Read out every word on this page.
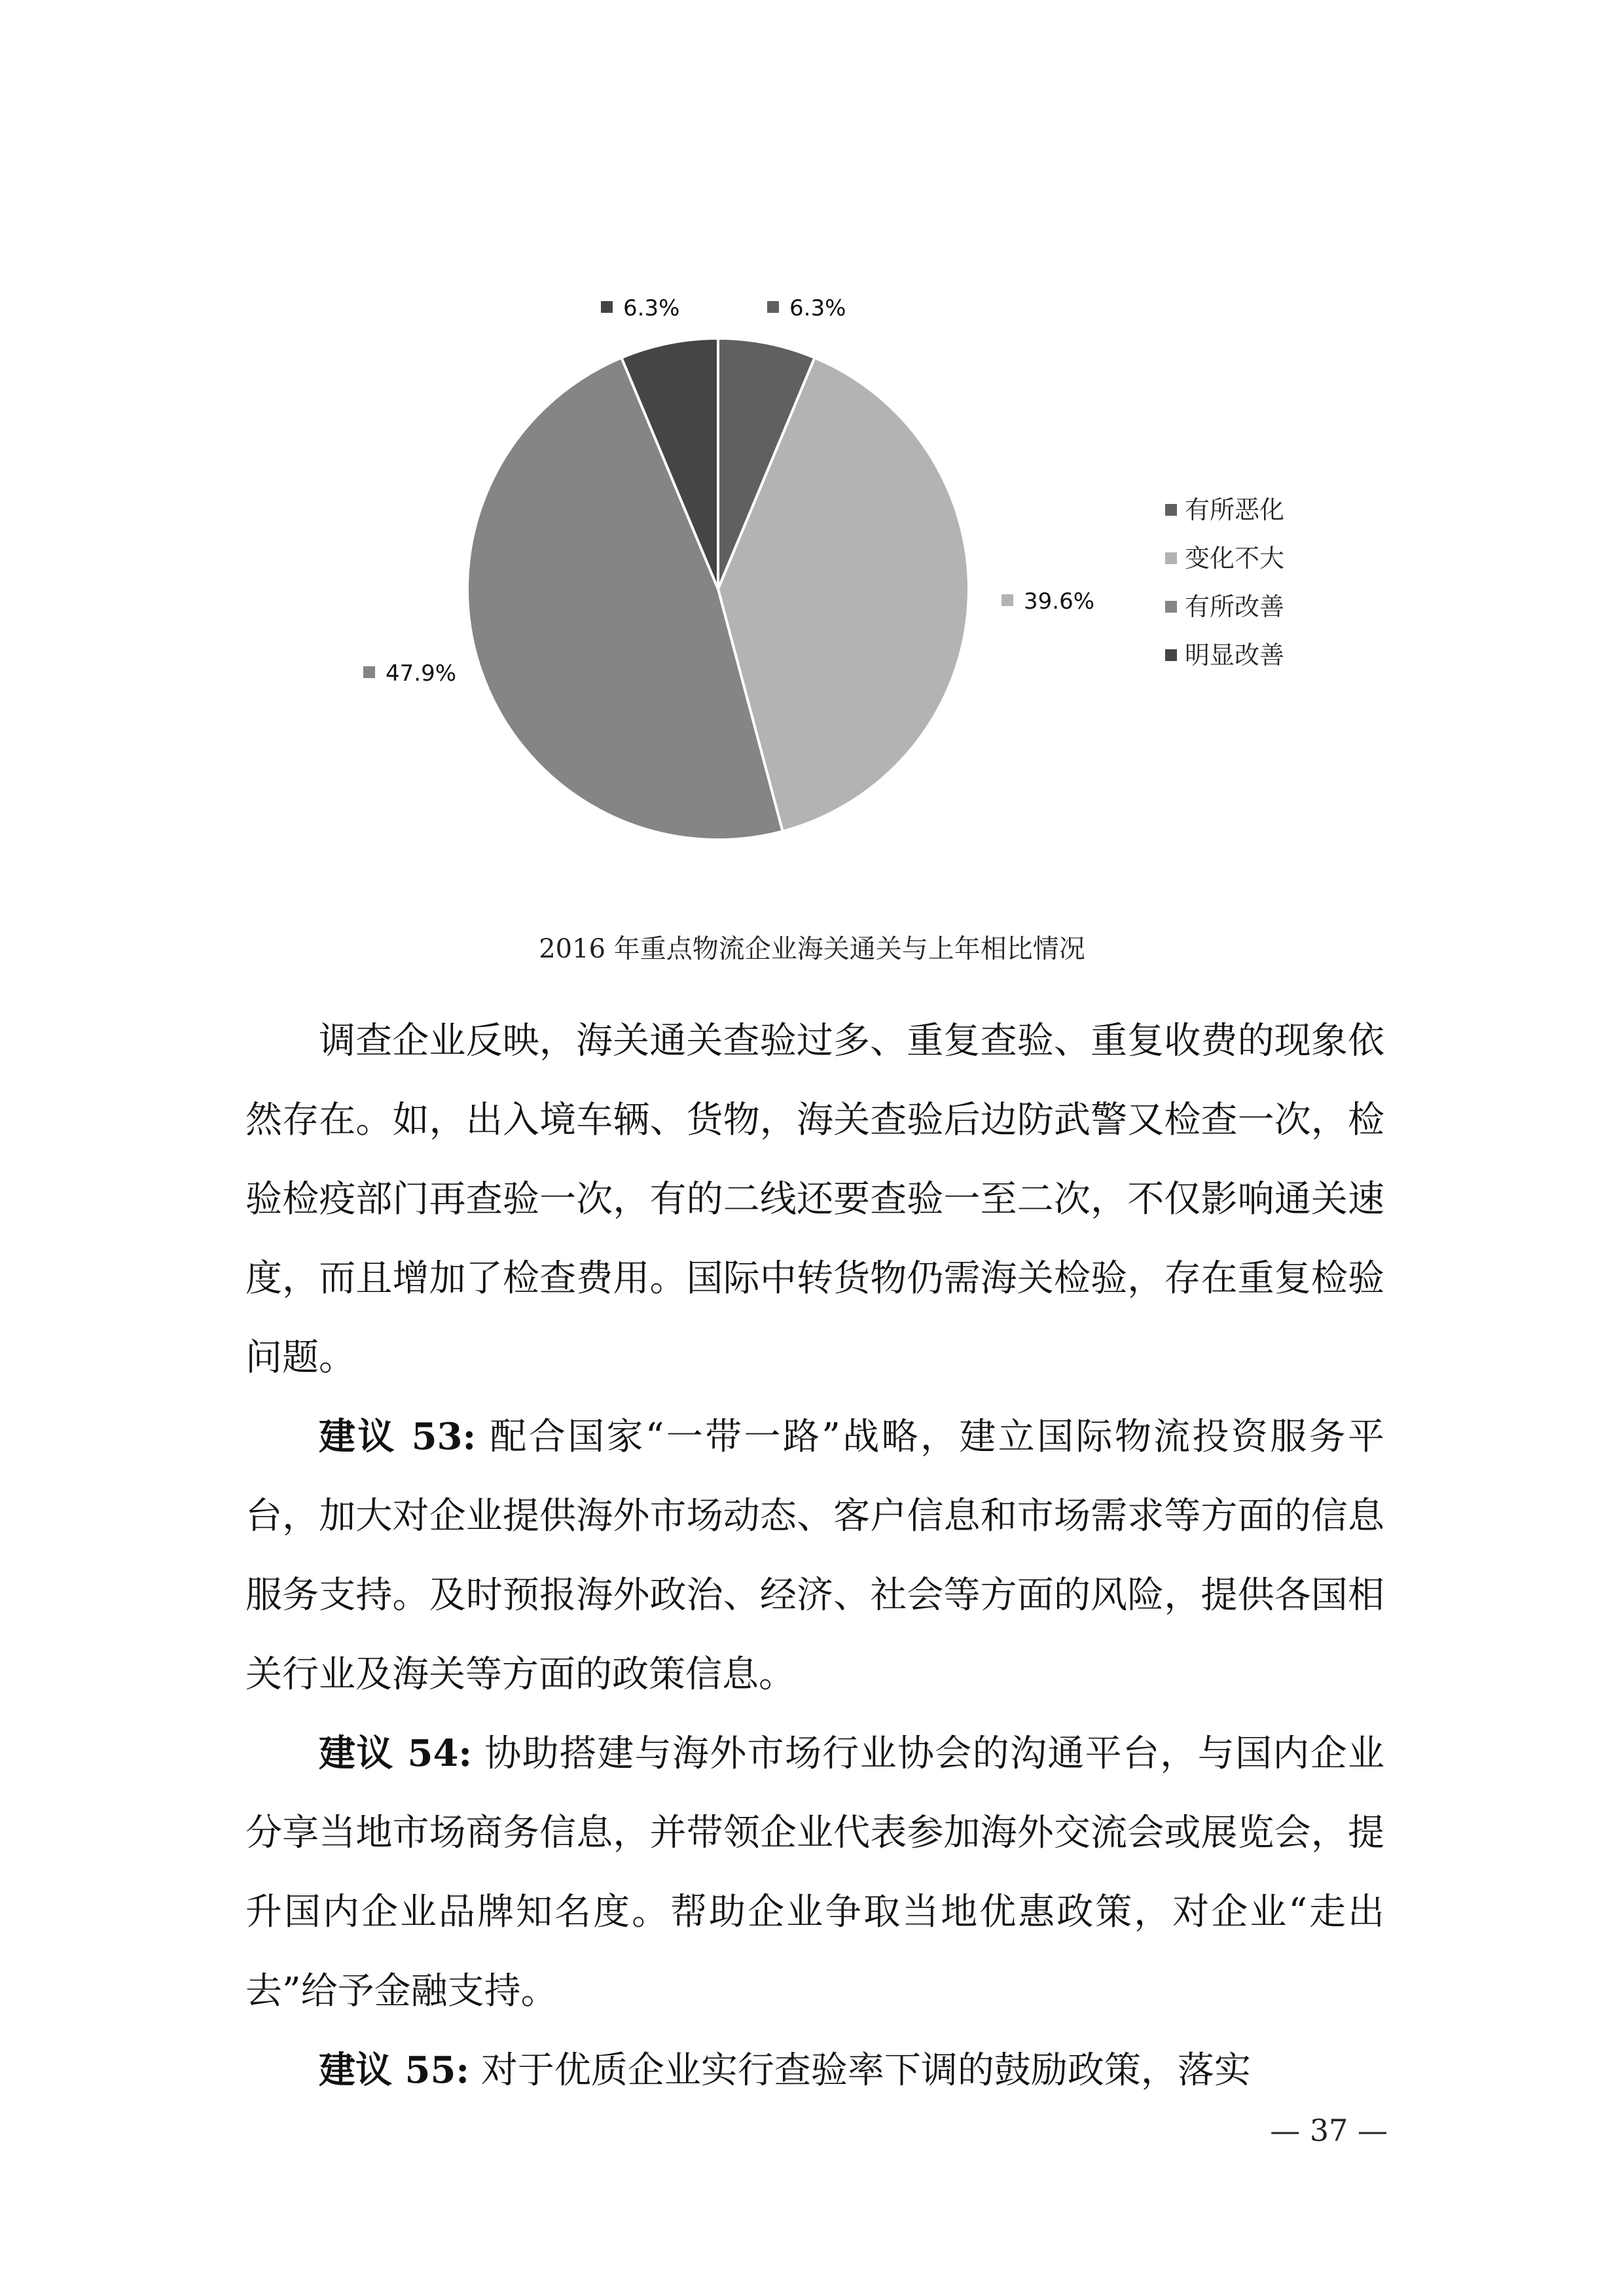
6.3%
39.6%
47.9%
6.3%
有所恶化
变化不大
有所改善
明显改善
2016 年重点物流企业海关通关与上年相比情况

调查企业反映，海关通关查验过多、重复查验、重复收费的现象依然存在。如，出入境车辆、货物，海关查验后边防武警又检查一次，检验检疫部门再查验一次，有的二线还要查验一至二次，不仅影响通关速度，而且增加了检查费用。国际中转货物仍需海关检验，存在重复检验问题。

建议 53: 配合国家“一带一路”战略，建立国际物流投资服务平台，加大对企业提供海外市场动态、客户信息和市场需求等方面的信息服务支持。及时预报海外政治、经济、社会等方面的风险，提供各国相关行业及海关等方面的政策信息。

建议 54: 协助搭建与海外市场行业协会的沟通平台，与国内企业分享当地市场商务信息，并带领企业代表参加海外交流会或展览会，提升国内企业品牌知名度。帮助企业争取当地优惠政策，对企业“走出去”给予金融支持。

建议 55: 对于优质企业实行查验率下调的鼓励政策，落实

— 37 —
